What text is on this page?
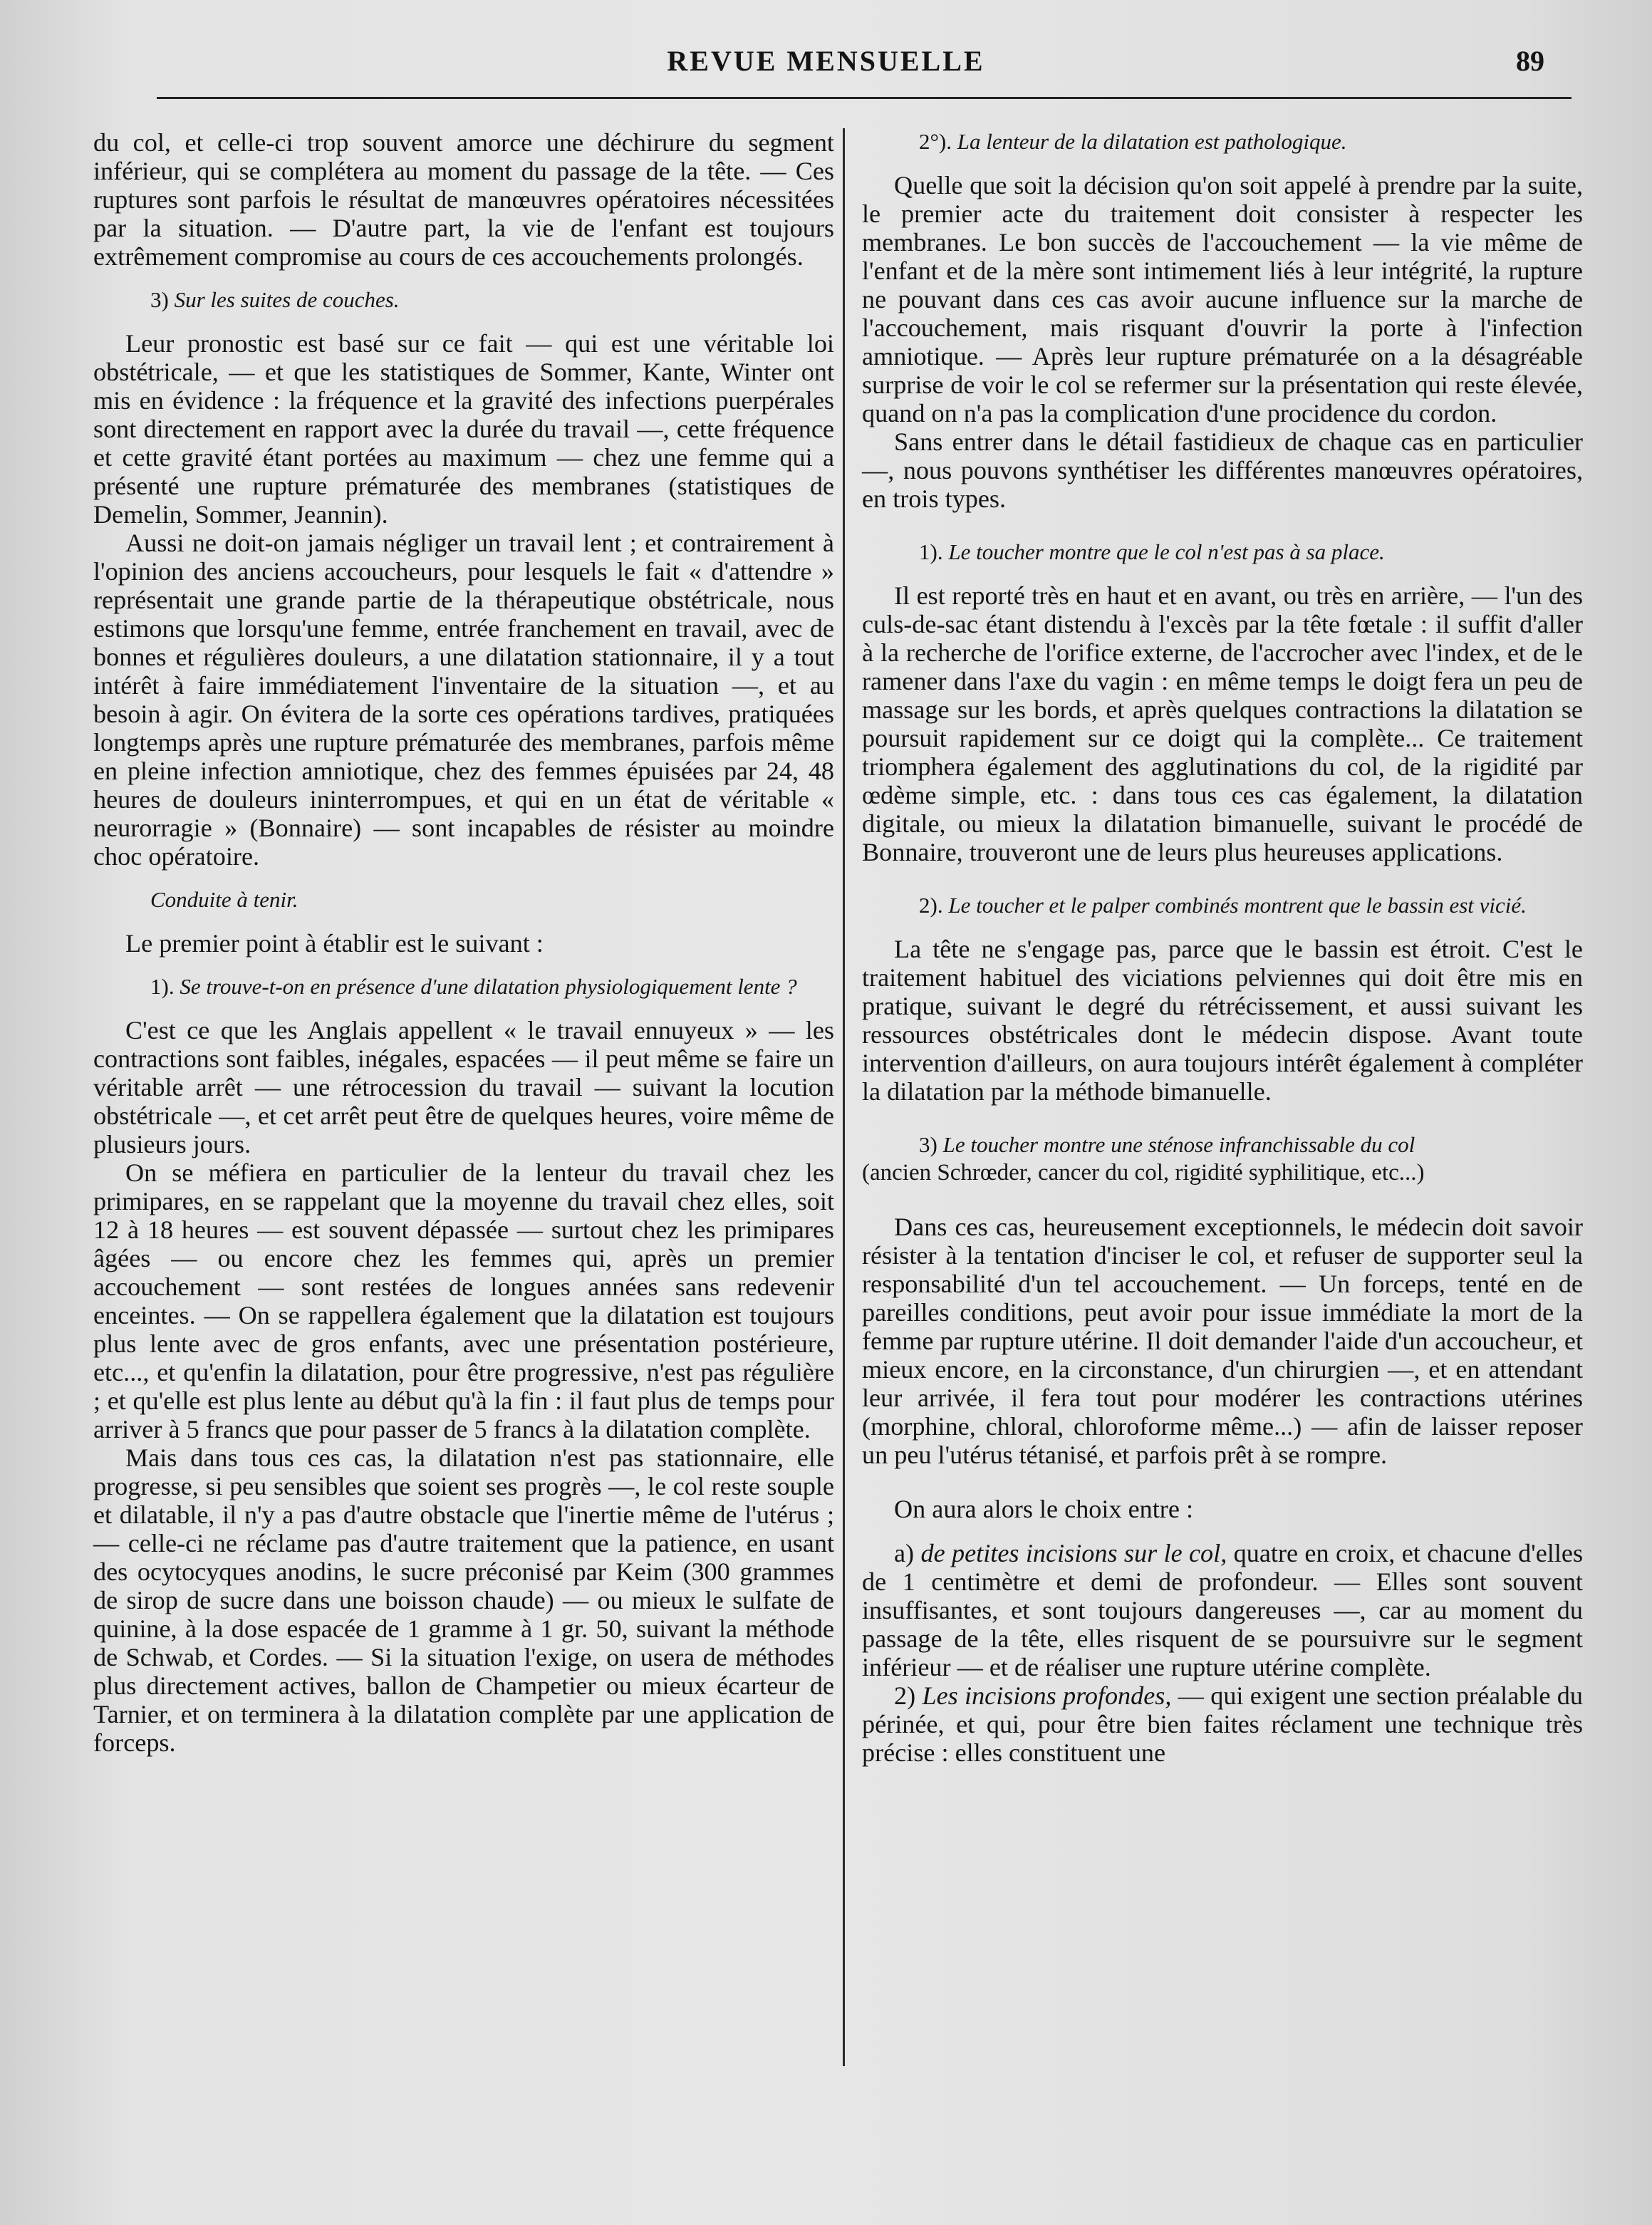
REVUE MENSUELLE	89

du col, et celle-ci trop souvent amorce une déchirure du segment inférieur, qui se complétera au moment du passage de la tête. — Ces ruptures sont parfois le résultat de manœuvres opératoires nécessitées par la situation. — D'autre part, la vie de l'enfant est toujours extrêmement compromise au cours de ces accouchements prolongés.

3) Sur les suites de couches.

Leur pronostic est basé sur ce fait — qui est une véritable loi obstétricale, — et que les statistiques de Sommer, Kante, Winter ont mis en évidence : la fréquence et la gravité des infections puerpérales sont directement en rapport avec la durée du travail —, cette fréquence et cette gravité étant portées au maximum — chez une femme qui a présenté une rupture prématurée des membranes (statistiques de Demelin, Sommer, Jeannin).

Aussi ne doit-on jamais négliger un travail lent ; et contrairement à l'opinion des anciens accoucheurs, pour lesquels le fait « d'attendre » représentait une grande partie de la thérapeutique obstétricale, nous estimons que lorsqu'une femme, entrée franchement en travail, avec de bonnes et régulières douleurs, a une dilatation stationnaire, il y a tout intérêt à faire immédiatement l'inventaire de la situation —, et au besoin à agir. On évitera de la sorte ces opérations tardives, pratiquées longtemps après une rupture prématurée des membranes, parfois même en pleine infection amniotique, chez des femmes épuisées par 24, 48 heures de douleurs ininterrompues, et qui en un état de véritable « neurorragie » (Bonnaire) — sont incapables de résister au moindre choc opératoire.

Conduite à tenir.

Le premier point à établir est le suivant :

1). Se trouve-t-on en présence d'une dilatation physiologiquement lente ?

C'est ce que les Anglais appellent « le travail ennuyeux » — les contractions sont faibles, inégales, espacées — il peut même se faire un véritable arrêt — une rétrocession du travail — suivant la locution obstétricale —, et cet arrêt peut être de quelques heures, voire même de plusieurs jours.

On se méfiera en particulier de la lenteur du travail chez les primipares, en se rappelant que la moyenne du travail chez elles, soit 12 à 18 heures — est souvent dépassée — surtout chez les primipares âgées — ou encore chez les femmes qui, après un premier accouchement — sont restées de longues années sans redevenir enceintes. — On se rappellera également que la dilatation est toujours plus lente avec de gros enfants, avec une présentation postérieure, etc..., et qu'enfin la dilatation, pour être progressive, n'est pas régulière ; et qu'elle est plus lente au début qu'à la fin : il faut plus de temps pour arriver à 5 francs que pour passer de 5 francs à la dilatation complète.

Mais dans tous ces cas, la dilatation n'est pas stationnaire, elle progresse, si peu sensibles que soient ses progrès —, le col reste souple et dilatable, il n'y a pas d'autre obstacle que l'inertie même de l'utérus ; — celle-ci ne réclame pas d'autre traitement que la patience, en usant des ocytocyques anodins, le sucre préconisé par Keim (300 grammes de sirop de sucre dans une boisson chaude) — ou mieux le sulfate de quinine, à la dose espacée de 1 gramme à 1 gr. 50, suivant la méthode de Schwab, et Cordes. — Si la situation l'exige, on usera de méthodes plus directement actives, ballon de Champetier ou mieux écarteur de Tarnier, et on terminera à la dilatation complète par une application de forceps.

2°). La lenteur de la dilatation est pathologique.

Quelle que soit la décision qu'on soit appelé à prendre par la suite, le premier acte du traitement doit consister à respecter les membranes. Le bon succès de l'accouchement — la vie même de l'enfant et de la mère sont intimement liés à leur intégrité, la rupture ne pouvant dans ces cas avoir aucune influence sur la marche de l'accouchement, mais risquant d'ouvrir la porte à l'infection amniotique. — Après leur rupture prématurée on a la désagréable surprise de voir le col se refermer sur la présentation qui reste élevée, quand on n'a pas la complication d'une procidence du cordon.

Sans entrer dans le détail fastidieux de chaque cas en particulier —, nous pouvons synthétiser les différentes manœuvres opératoires, en trois types.

1). Le toucher montre que le col n'est pas à sa place.

Il est reporté très en haut et en avant, ou très en arrière, — l'un des culs-de-sac étant distendu à l'excès par la tête fœtale : il suffit d'aller à la recherche de l'orifice externe, de l'accrocher avec l'index, et de le ramener dans l'axe du vagin : en même temps le doigt fera un peu de massage sur les bords, et après quelques contractions la dilatation se poursuit rapidement sur ce doigt qui la complète... Ce traitement triomphera également des agglutinations du col, de la rigidité par œdème simple, etc. : dans tous ces cas également, la dilatation digitale, ou mieux la dilatation bimanuelle, suivant le procédé de Bonnaire, trouveront une de leurs plus heureuses applications.

2). Le toucher et le palper combinés montrent que le bassin est vicié.

La tête ne s'engage pas, parce que le bassin est étroit. C'est le traitement habituel des viciations pelviennes qui doit être mis en pratique, suivant le degré du rétrécissement, et aussi suivant les ressources obstétricales dont le médecin dispose. Avant toute intervention d'ailleurs, on aura toujours intérêt également à compléter la dilatation par la méthode bimanuelle.

3) Le toucher montre une sténose infranchissable du col

(ancien Schrœder, cancer du col, rigidité syphilitique, etc...)

Dans ces cas, heureusement exceptionnels, le médecin doit savoir résister à la tentation d'inciser le col, et refuser de supporter seul la responsabilité d'un tel accouchement. — Un forceps, tenté en de pareilles conditions, peut avoir pour issue immédiate la mort de la femme par rupture utérine. Il doit demander l'aide d'un accoucheur, et mieux encore, en la circonstance, d'un chirurgien —, et en attendant leur arrivée, il fera tout pour modérer les contractions utérines (morphine, chloral, chloroforme même...) — afin de laisser reposer un peu l'utérus tétanisé, et parfois prêt à se rompre.

On aura alors le choix entre :

a) de petites incisions sur le col, quatre en croix, et chacune d'elles de 1 centimètre et demi de profondeur. — Elles sont souvent insuffisantes, et sont toujours dangereuses —, car au moment du passage de la tête, elles risquent de se poursuivre sur le segment inférieur — et de réaliser une rupture utérine complète.

2) Les incisions profondes, — qui exigent une section préalable du périnée, et qui, pour être bien faites réclament une technique très précise : elles constituent une
